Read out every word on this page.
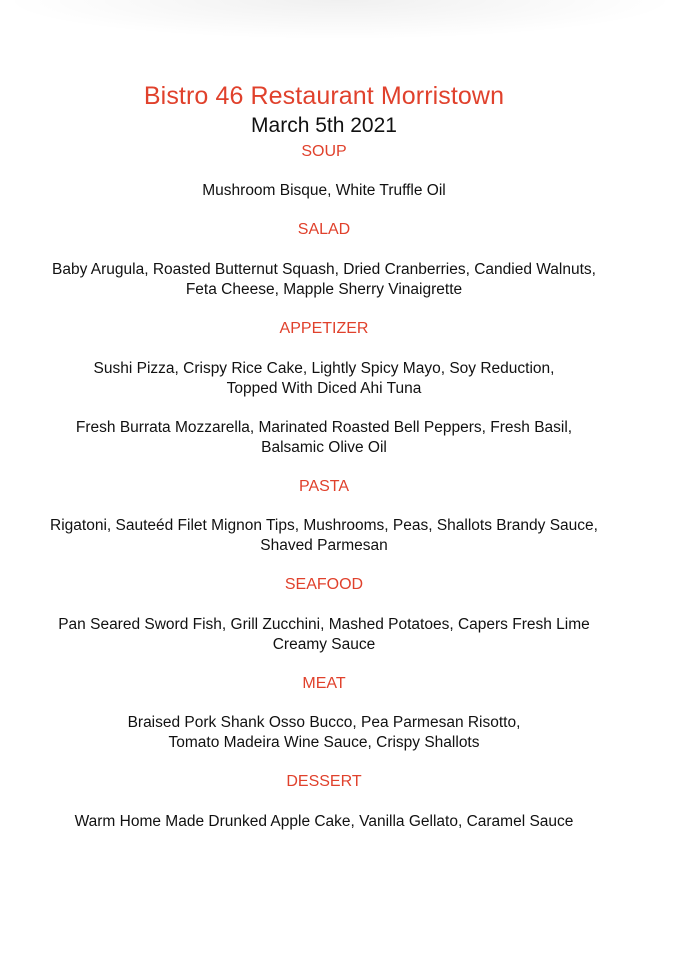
Bistro 46 Restaurant Morristown
March 5th 2021
SOUP
Mushroom Bisque, White Truffle Oil
SALAD
Baby Arugula, Roasted Butternut Squash, Dried Cranberries, Candied Walnuts,
Feta Cheese, Mapple Sherry Vinaigrette
APPETIZER
Sushi Pizza, Crispy Rice Cake, Lightly Spicy Mayo, Soy Reduction,
Topped With Diced Ahi Tuna
Fresh Burrata Mozzarella, Marinated Roasted Bell Peppers, Fresh Basil,
Balsamic Olive Oil
PASTA
Rigatoni, Sauteéd Filet Mignon Tips, Mushrooms, Peas, Shallots Brandy Sauce,
Shaved Parmesan
SEAFOOD
Pan Seared Sword Fish, Grill Zucchini, Mashed Potatoes, Capers Fresh Lime
Creamy Sauce
MEAT
Braised Pork Shank Osso Bucco, Pea Parmesan Risotto,
Tomato Madeira Wine Sauce, Crispy Shallots
DESSERT
Warm Home Made Drunked Apple Cake, Vanilla Gellato, Caramel Sauce
